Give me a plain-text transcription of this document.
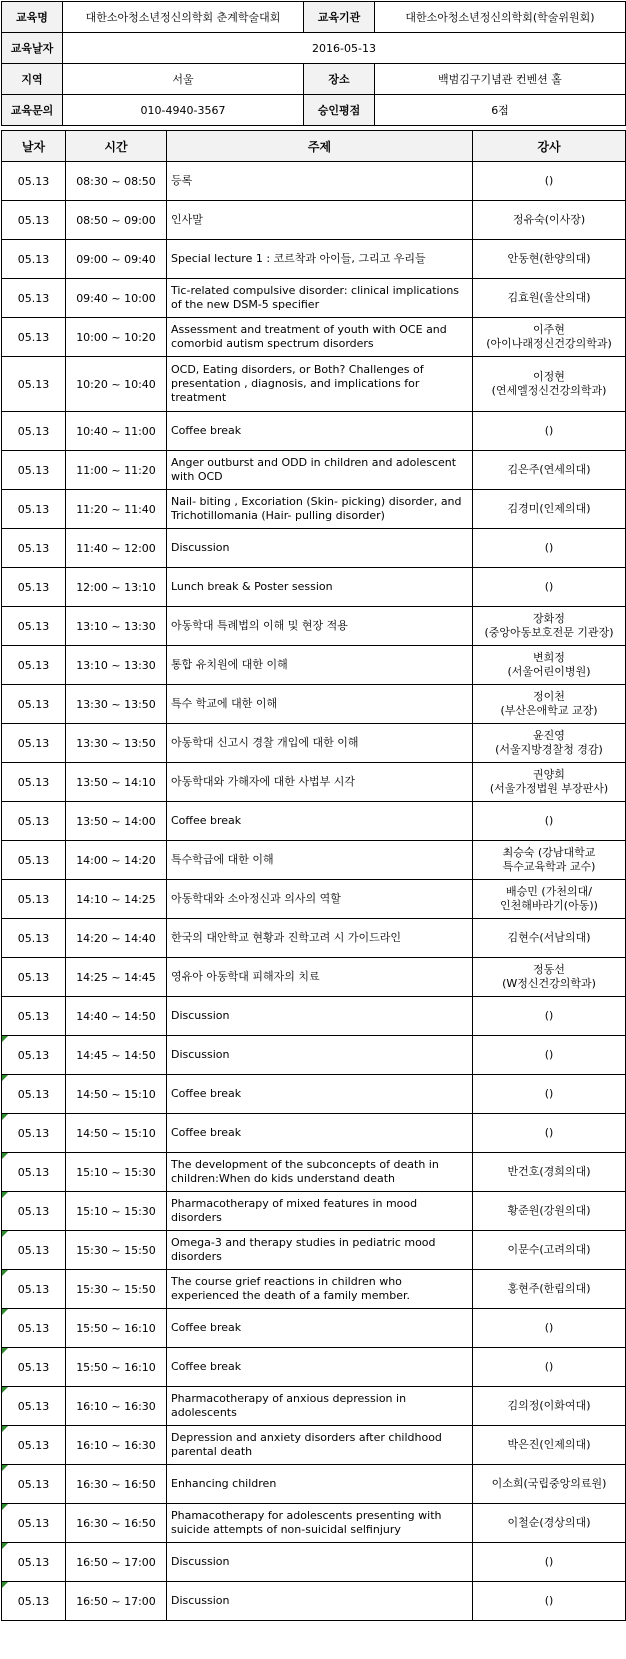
교육명	대한소아청소년정신의학회 춘계학술대회	교육기관	대한소아청소년정신의학회(학술위원회)
교육날자	2016-05-13		
지역	서울	장소	백범김구기념관 컨벤션 홀
교육문의	010-4940-3567	승인평점	6점
날자	시간	주제	강사
05.13	08:30 ~ 08:50	등록	()
05.13	08:50 ~ 09:00	인사말	정유숙(이사장)
05.13	09:00 ~ 09:40	Special lecture 1 : 코르착과 아이들, 그리고 우리들	안동현(한양의대)
05.13	09:40 ~ 10:00	Tic-related compulsive disorder: clinical implications of the new DSM-5 specifier	김효원(울산의대)
05.13	10:00 ~ 10:20	Assessment and treatment of youth with OCE and comorbid autism spectrum disorders	이주현
(아이나래정신건강의학과)
05.13	10:20 ~ 10:40	OCD, Eating disorders, or Both? Challenges of presentation , diagnosis, and implications for treatment	이정현
(연세엘정신건강의학과)
05.13	10:40 ~ 11:00	Coffee break	()
05.13	11:00 ~ 11:20	Anger outburst and ODD in children and adolescent with OCD	김은주(연세의대)
05.13	11:20 ~ 11:40	Nail- biting , Excoriation (Skin- picking) disorder, and Trichotillomania (Hair- pulling disorder)	김경미(인제의대)
05.13	11:40 ~ 12:00	Discussion	()
05.13	12:00 ~ 13:10	Lunch break & Poster session	()
05.13	13:10 ~ 13:30	아동학대 특례법의 이해 및 현장 적용	장화정
(중앙아동보호전문 기관장)
05.13	13:10 ~ 13:30	통합 유치원에 대한 이해	변희정
(서울어린이병원)
05.13	13:30 ~ 13:50	특수 학교에 대한 이해	정이천
(부산은애학교 교장)
05.13	13:30 ~ 13:50	아동학대 신고시 경찰 개입에 대한 이해	윤진영
(서울지방경찰청 경감)
05.13	13:50 ~ 14:10	아동학대와 가해자에 대한 사법부 시각	권양희
(서울가정법원 부장판사)
05.13	13:50 ~ 14:00	Coffee break	()
05.13	14:00 ~ 14:20	특수학급에 대한 이해	최승숙 (강남대학교
특수교육학과 교수)
05.13	14:10 ~ 14:25	아동학대와 소아정신과 의사의 역할	배승민 (가천의대/
인천해바라기(아동))
05.13	14:20 ~ 14:40	한국의 대안학교 현황과 진학고려 시 가이드라인	김현수(서남의대)
05.13	14:25 ~ 14:45	영유아 아동학대 피해자의 치료	정동선
(W정신건강의학과)
05.13	14:40 ~ 14:50	Discussion	()
05.13	14:45 ~ 14:50	Discussion	()
05.13	14:50 ~ 15:10	Coffee break	()
05.13	14:50 ~ 15:10	Coffee break	()
05.13	15:10 ~ 15:30	The development of the subconcepts of death in children:When do kids understand death	반건호(경희의대)
05.13	15:10 ~ 15:30	Pharmacotherapy of mixed features in mood disorders	황준원(강원의대)
05.13	15:30 ~ 15:50	Omega-3 and therapy studies in pediatric mood disorders	이문수(고려의대)
05.13	15:30 ~ 15:50	The course grief reactions in children who experienced the death of a family member.	홍현주(한림의대)
05.13	15:50 ~ 16:10	Coffee break	()
05.13	15:50 ~ 16:10	Coffee break	()
05.13	16:10 ~ 16:30	Pharmacotherapy of anxious depression in adolescents	김의정(이화여대)
05.13	16:10 ~ 16:30	Depression and anxiety disorders after childhood parental death	박은진(인제의대)
05.13	16:30 ~ 16:50	Enhancing children	이소희(국립중앙의료원)
05.13	16:30 ~ 16:50	Phamacotherapy for adolescents presenting with suicide attempts of non-suicidal selfinjury	이철순(경상의대)
05.13	16:50 ~ 17:00	Discussion	()
05.13	16:50 ~ 17:00	Discussion	()
